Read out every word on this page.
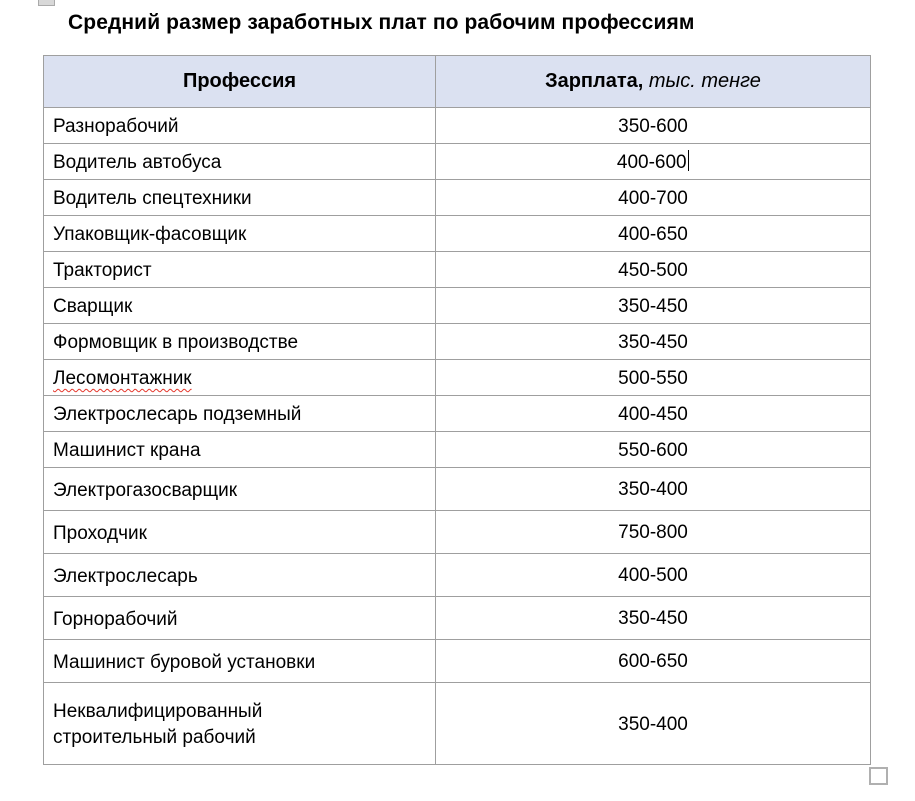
Средний размер заработных плат по рабочим профессиям
Профессия	Зарплата, тыс. тенге
Разнорабочий	350-600
Водитель автобуса	400-600
Водитель спецтехники	400-700
Упаковщик-фасовщик	400-650
Тракторист	450-500
Сварщик	350-450
Формовщик в производстве	350-450
Лесомонтажник	500-550
Электрослесарь подземный	400-450
Машинист крана	550-600
Электрогазосварщик	350-400
Проходчик	750-800
Электрослесарь	400-500
Горнорабочий	350-450
Машинист буровой установки	600-650
Неквалифицированный строительный рабочий	350-400
